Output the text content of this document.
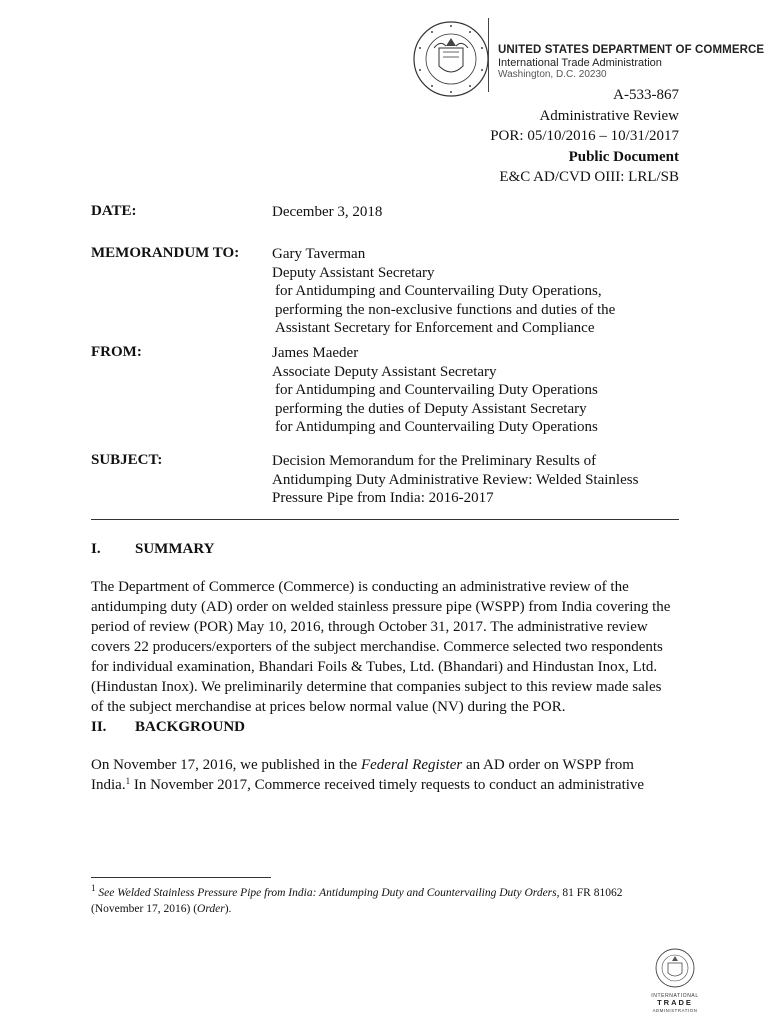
UNITED STATES DEPARTMENT OF COMMERCE
International Trade Administration
Washington, D.C. 20230
A-533-867
Administrative Review
POR: 05/10/2016 – 10/31/2017
Public Document
E&C AD/CVD OIII: LRL/SB
DATE:	December 3, 2018
MEMORANDUM TO: Gary Taverman
Deputy Assistant Secretary
for Antidumping and Countervailing Duty Operations,
performing the non-exclusive functions and duties of the
Assistant Secretary for Enforcement and Compliance
FROM:	James Maeder
Associate Deputy Assistant Secretary
for Antidumping and Countervailing Duty Operations
performing the duties of Deputy Assistant Secretary
for Antidumping and Countervailing Duty Operations
SUBJECT:	Decision Memorandum for the Preliminary Results of
Antidumping Duty Administrative Review: Welded Stainless
Pressure Pipe from India: 2016-2017
I. SUMMARY
The Department of Commerce (Commerce) is conducting an administrative review of the
antidumping duty (AD) order on welded stainless pressure pipe (WSPP) from India covering the
period of review (POR) May 10, 2016, through October 31, 2017. The administrative review
covers 22 producers/exporters of the subject merchandise. Commerce selected two respondents
for individual examination, Bhandari Foils & Tubes, Ltd. (Bhandari) and Hindustan Inox, Ltd.
(Hindustan Inox). We preliminarily determine that companies subject to this review made sales
of the subject merchandise at prices below normal value (NV) during the POR.
II. BACKGROUND
On November 17, 2016, we published in the Federal Register an AD order on WSPP from
India.$^1$ In November 2017, Commerce received timely requests to conduct an administrative
$^1$ See Welded Stainless Pressure Pipe from India: Antidumping Duty and Countervailing Duty Orders, 81 FR 81062
(November 17, 2016) (Order).
INTERNATIONAL
TRADE
ADMINISTRATION
